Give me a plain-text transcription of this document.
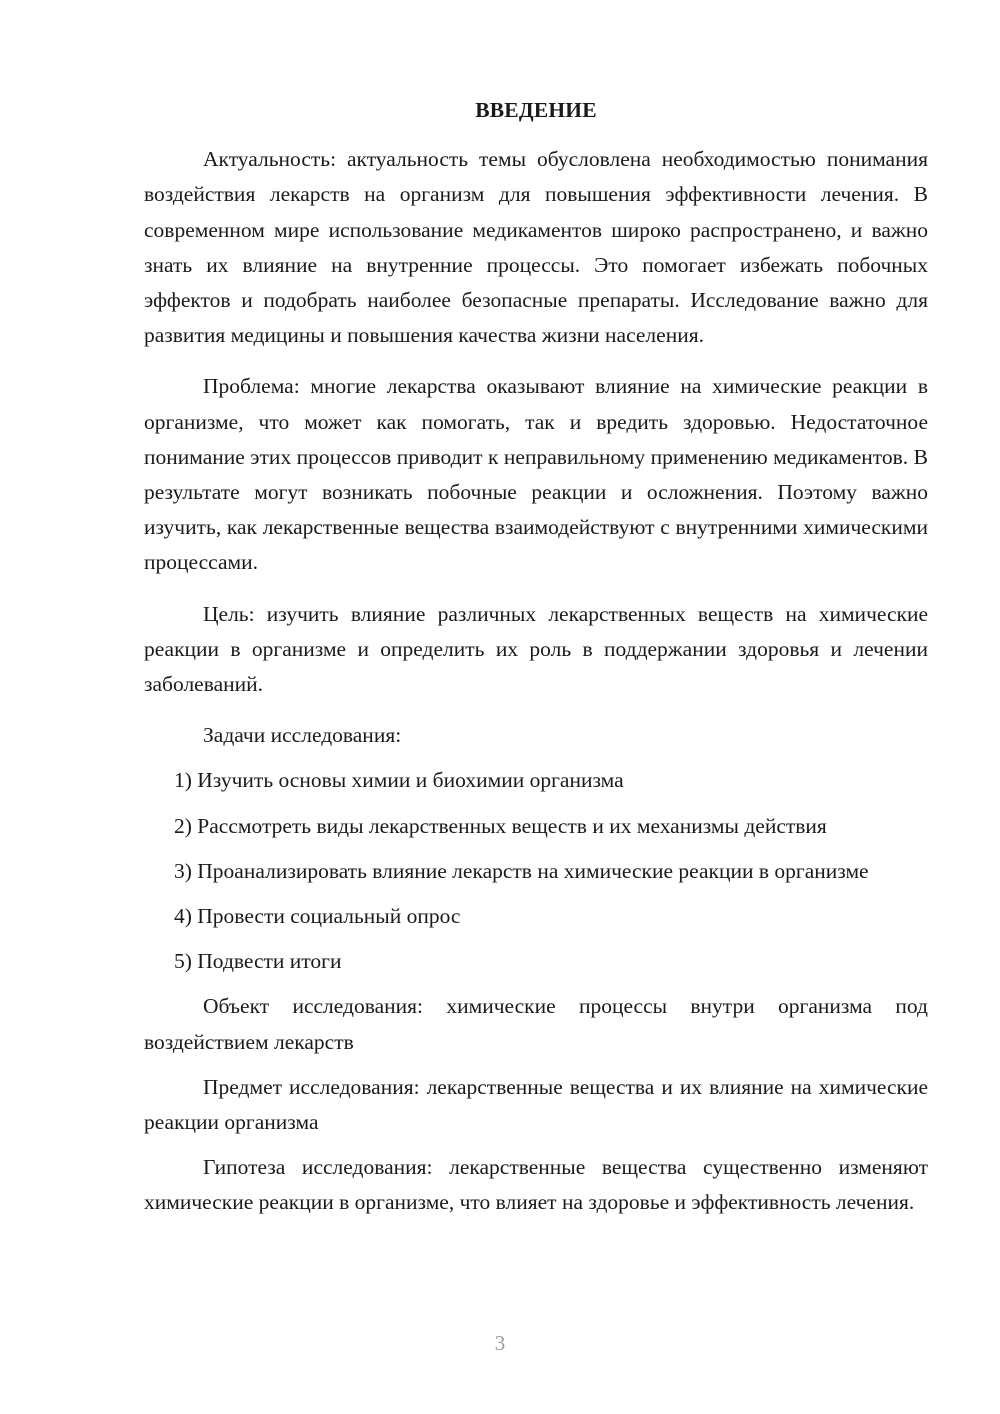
ВВЕДЕНИЕ

Актуальность: актуальность темы обусловлена необходимостью понимания воздействия лекарств на организм для повышения эффективности лечения. В современном мире использование медикаментов широко распространено, и важно знать их влияние на внутренние процессы. Это помогает избежать побочных эффектов и подобрать наиболее безопасные препараты. Исследование важно для развития медицины и повышения качества жизни населения.

Проблема: многие лекарства оказывают влияние на химические реакции в организме, что может как помогать, так и вредить здоровью. Недостаточное понимание этих процессов приводит к неправильному применению медикаментов. В результате могут возникать побочные реакции и осложнения. Поэтому важно изучить, как лекарственные вещества взаимодействуют с внутренними химическими процессами.

Цель: изучить влияние различных лекарственных веществ на химические реакции в организме и определить их роль в поддержании здоровья и лечении заболеваний.

Задачи исследования:

1) Изучить основы химии и биохимии организма

2) Рассмотреть виды лекарственных веществ и их механизмы действия

3) Проанализировать влияние лекарств на химические реакции в организме

4) Провести социальный опрос

5) Подвести итоги

Объект исследования: химические процессы внутри организма под воздействием лекарств

Предмет исследования: лекарственные вещества и их влияние на химические реакции организма

Гипотеза исследования: лекарственные вещества существенно изменяют химические реакции в организме, что влияет на здоровье и эффективность лечения.

3
